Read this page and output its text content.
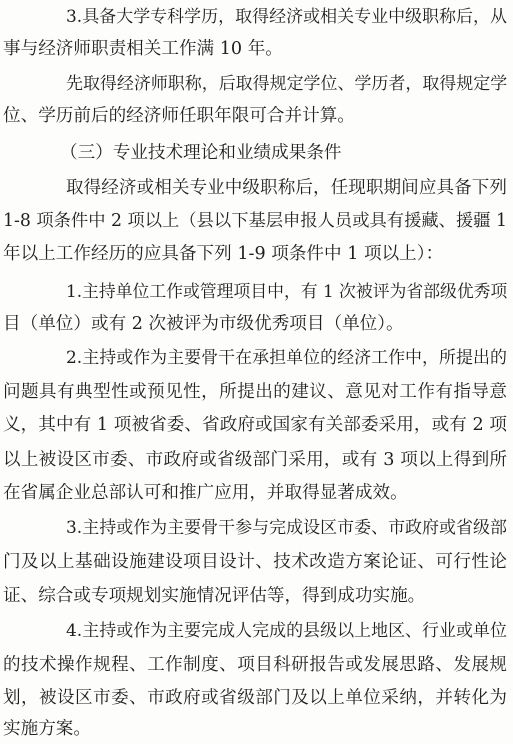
3.具备大学专科学历，取得经济或相关专业中级职称后，从
事与经济师职责相关工作满 10 年。
先取得经济师职称，后取得规定学位、学历者，取得规定学
位、学历前后的经济师任职年限可合并计算。
（三）专业技术理论和业绩成果条件
取得经济或相关专业中级职称后，任现职期间应具备下列
1-8 项条件中 2 项以上（县以下基层申报人员或具有援藏、援疆 1
年以上工作经历的应具备下列 1-9 项条件中 1 项以上）：
1.主持单位工作或管理项目中，有 1 次被评为省部级优秀项
目（单位）或有 2 次被评为市级优秀项目（单位）。
2.主持或作为主要骨干在承担单位的经济工作中，所提出的
问题具有典型性或预见性，所提出的建议、意见对工作有指导意
义，其中有 1 项被省委、省政府或国家有关部委采用，或有 2 项
以上被设区市委、市政府或省级部门采用，或有 3 项以上得到所
在省属企业总部认可和推广应用，并取得显著成效。
3.主持或作为主要骨干参与完成设区市委、市政府或省级部
门及以上基础设施建设项目设计、技术改造方案论证、可行性论
证、综合或专项规划实施情况评估等，得到成功实施。
4.主持或作为主要完成人完成的县级以上地区、行业或单位
的技术操作规程、工作制度、项目科研报告或发展思路、发展规
划，被设区市委、市政府或省级部门及以上单位采纳，并转化为
实施方案。
